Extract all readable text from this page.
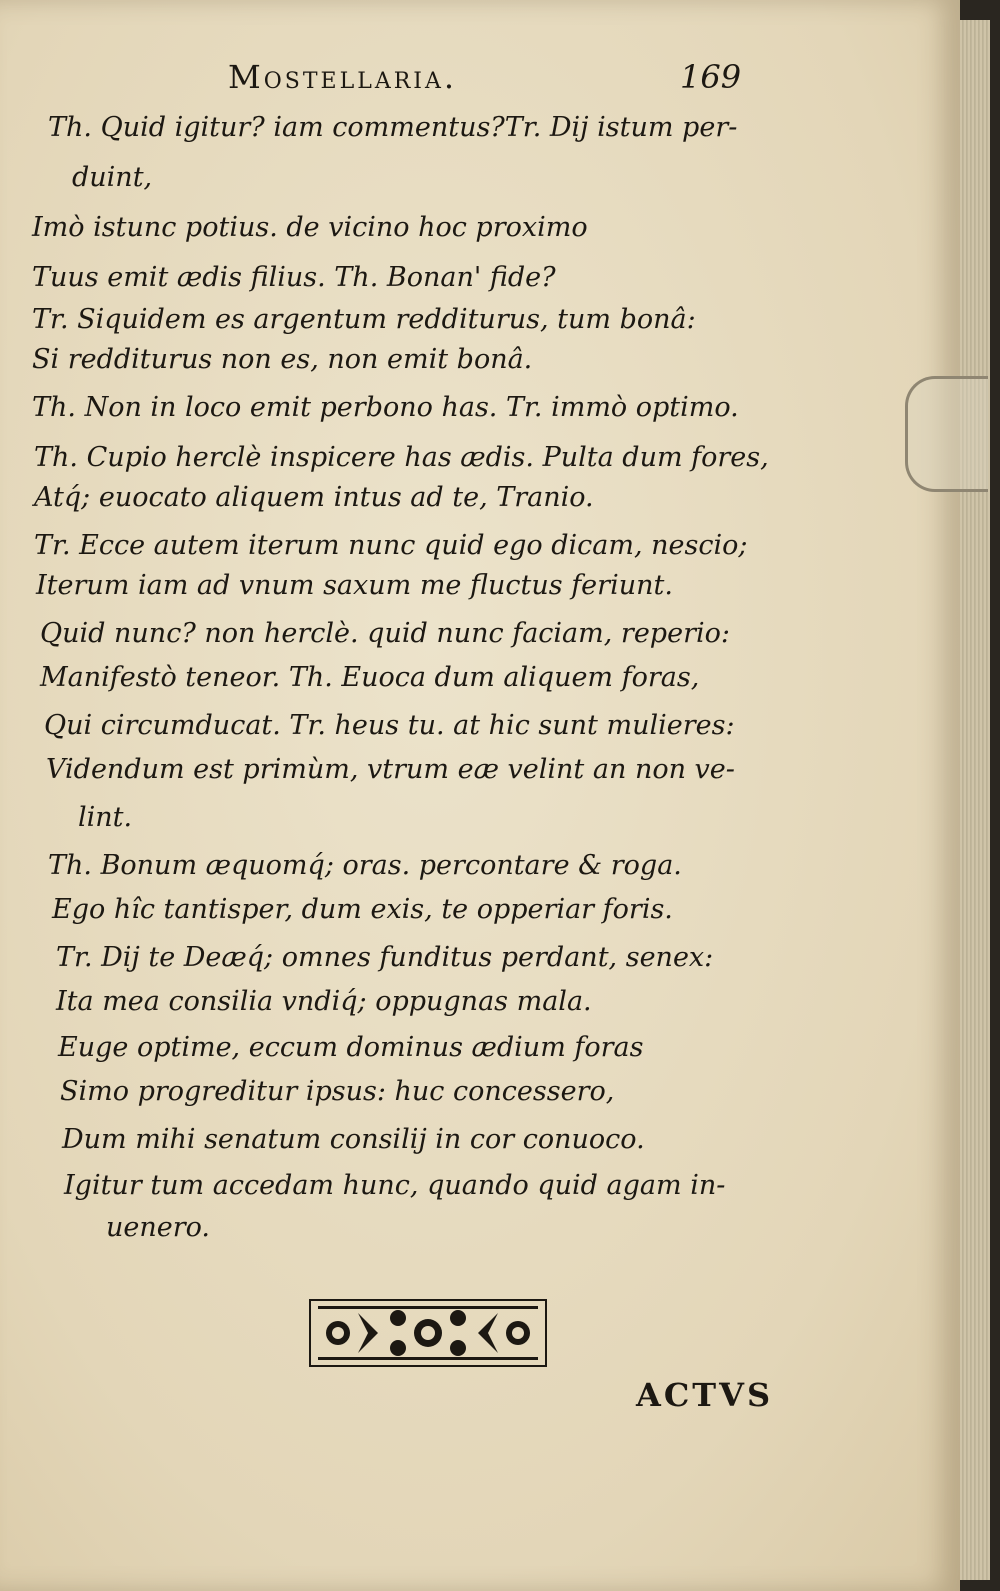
Mostellaria.	169
Th. Quid igitur? iam commentus?Tr. Dij istum per-
duint,
Imò istunc potius. de vicino hoc proximo
Tuus emit ædis filius. Th. Bonan' fide?
Tr. Siquidem es argentum redditurus, tum bonâ:
Si redditurus non es, non emit bonâ.
Th. Non in loco emit perbono has. Tr. immò optimo.
Th. Cupio herclè inspicere has ædis. Pulta dum fores,
Atq́; euocato aliquem intus ad te, Tranio.
Tr. Ecce autem iterum nunc quid ego dicam, nescio;
Iterum iam ad vnum saxum me fluctus feriunt.
Quid nunc? non herclè. quid nunc faciam, reperio:
Manifestò teneor. Th. Euoca dum aliquem foras,
Qui circumducat. Tr. heus tu. at hic sunt mulieres:
Videndum est primùm, vtrum eæ velint an non ve-
lint.
Th. Bonum æquomq́; oras. percontare & roga.
Ego hîc tantisper, dum exis, te opperiar foris.
Tr. Dij te Deæq́; omnes funditus perdant, senex:
Ita mea consilia vndiq́; oppugnas mala.
Euge optime, eccum dominus ædium foras
Simo progreditur ipsus: huc concessero,
Dum mihi senatum consilij in cor conuoco.
Igitur tum accedam hunc, quando quid agam in-
uenero.
ACTVS
